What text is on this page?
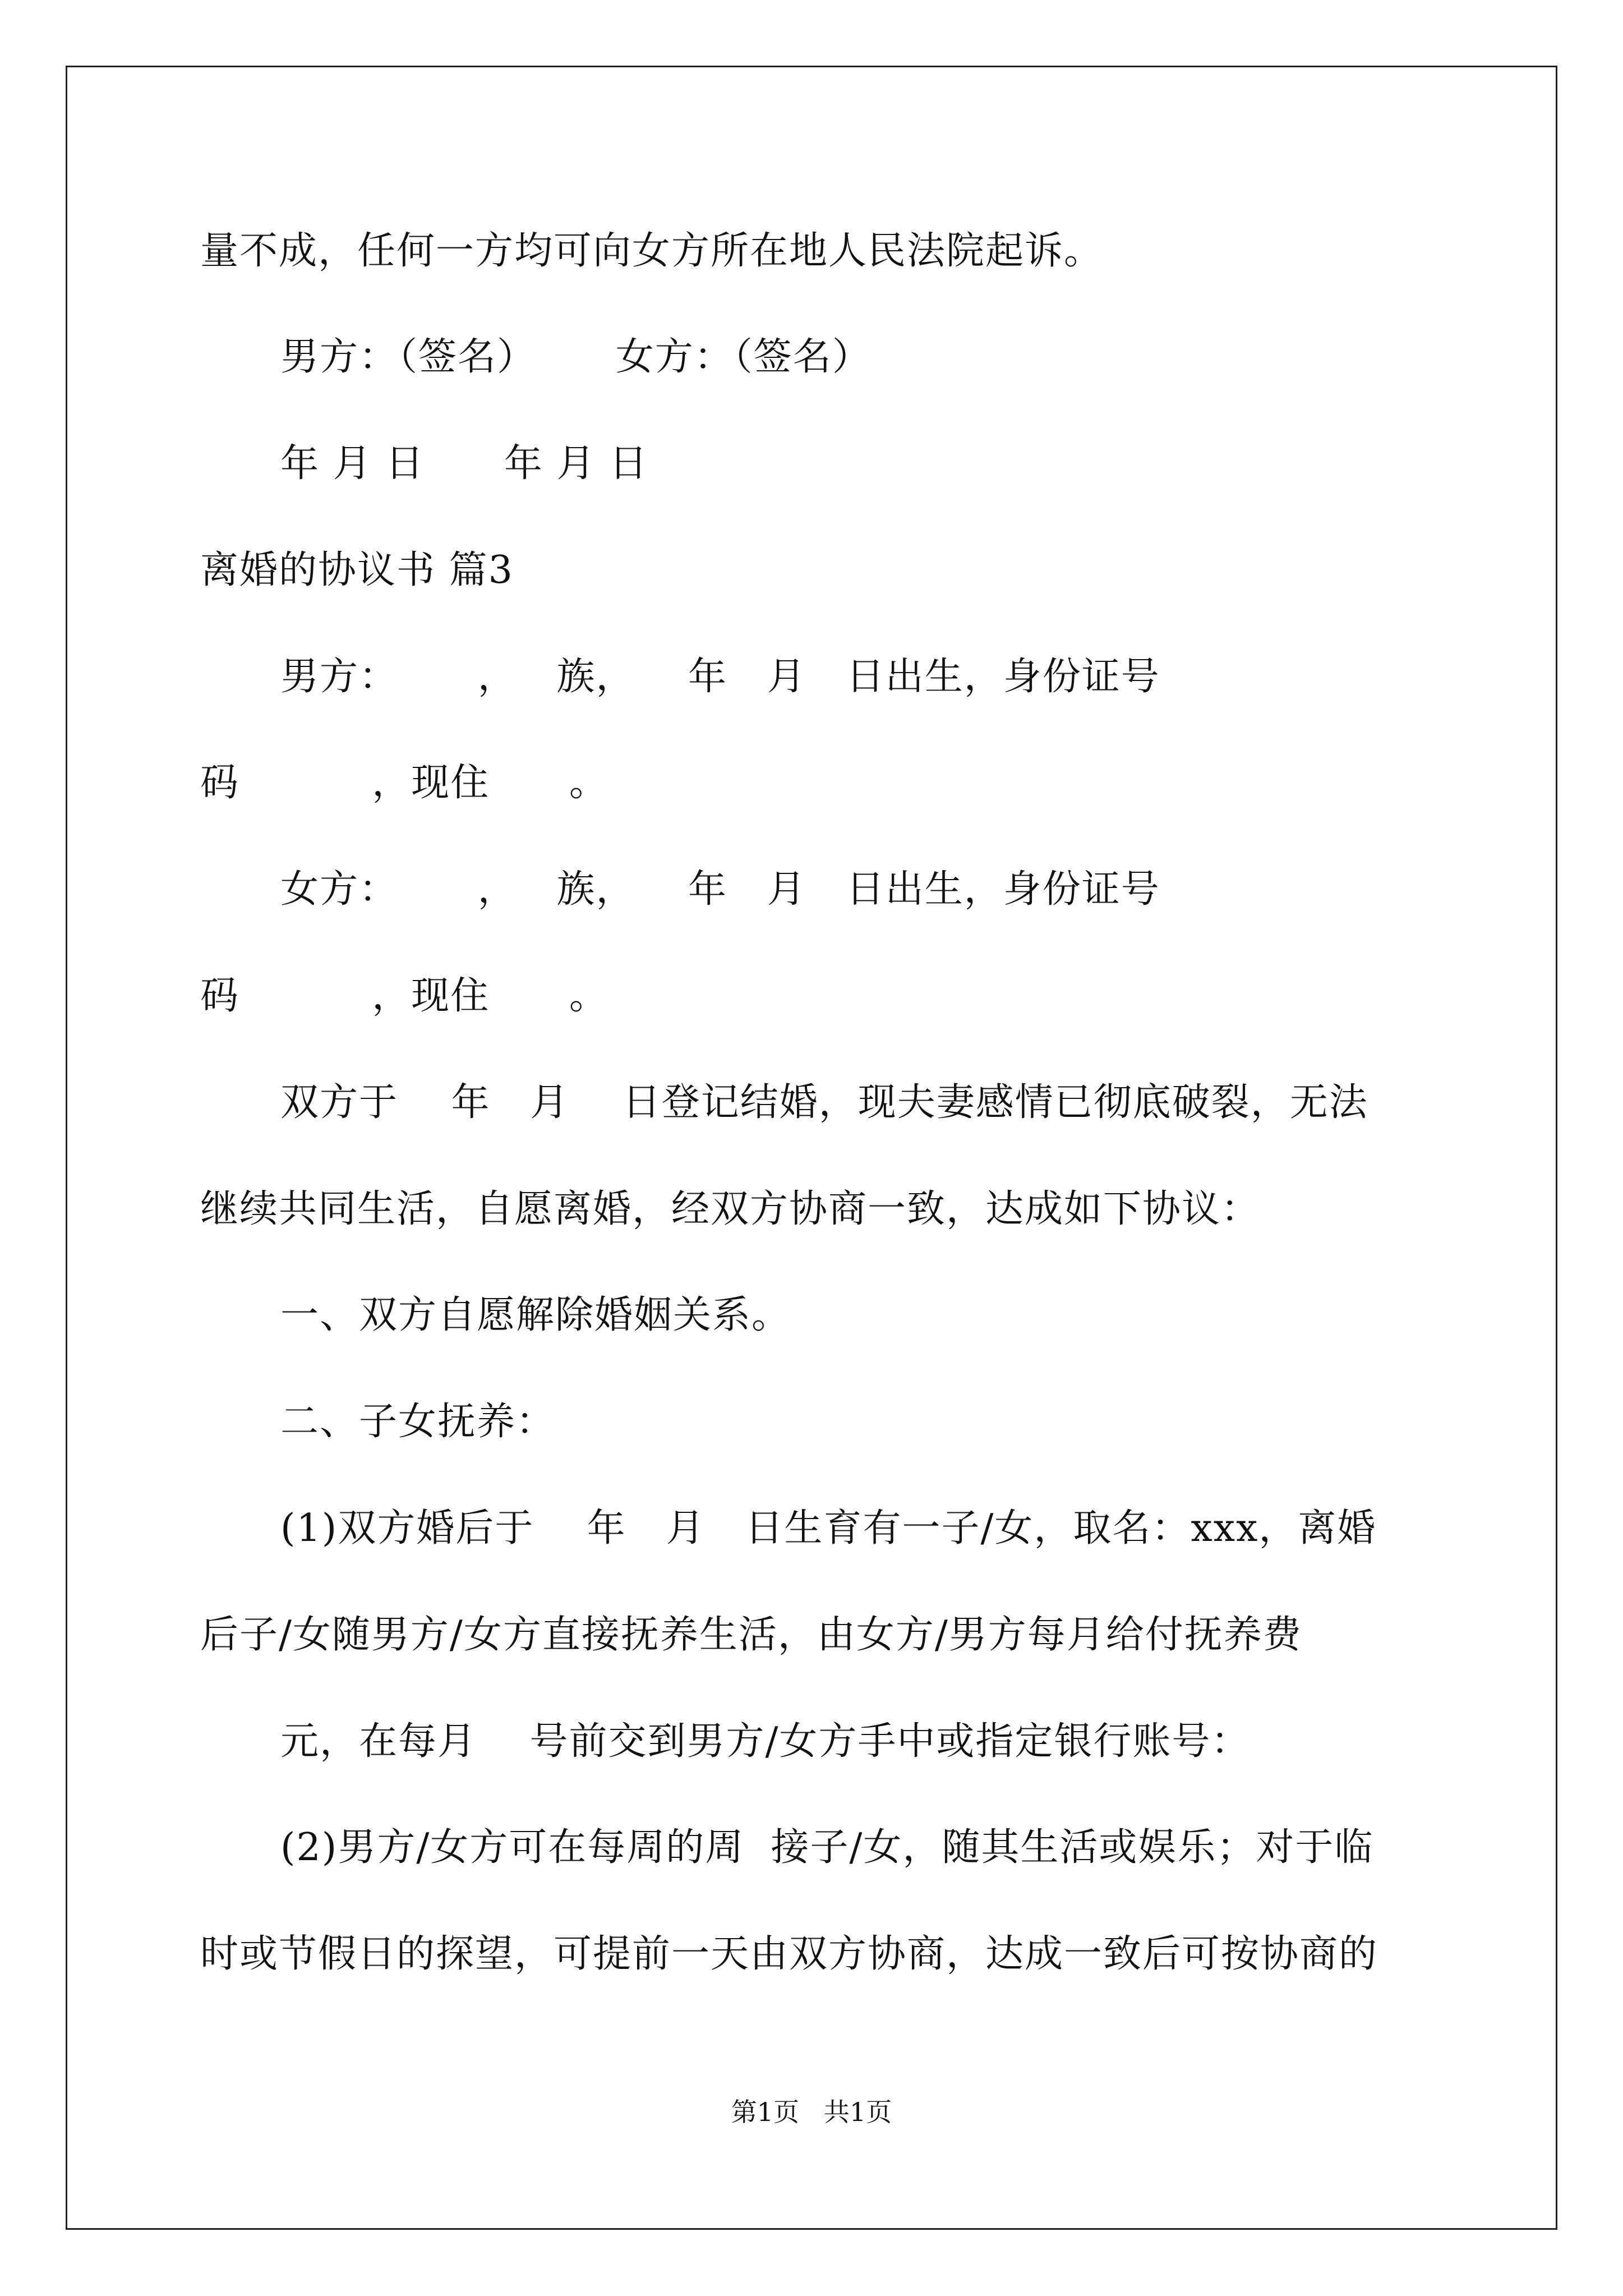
量不成，任何一方均可向女方所在地人民法院起诉。
男方：（签名）      女方：（签名）
年 月 日      年 月 日
离婚的协议书 篇3
男方：      ，   族，    年   月   日出生，身份证号
码          ，现住      。
女方：      ，   族，    年   月   日出生，身份证号
码          ，现住      。
双方于    年   月    日登记结婚，现夫妻感情已彻底破裂，无法
继续共同生活，自愿离婚，经双方协商一致，达成如下协议：
一、双方自愿解除婚姻关系。
二、子女抚养：
(1)双方婚后于    年   月   日生育有一子/女，取名：xxx，离婚
后子/女随男方/女方直接抚养生活，由女方/男方每月给付抚养费
元，在每月    号前交到男方/女方手中或指定银行账号：
(2)男方/女方可在每周的周  接子/女，随其生活或娱乐；对于临
时或节假日的探望，可提前一天由双方协商，达成一致后可按协商的
第1页   共1页
